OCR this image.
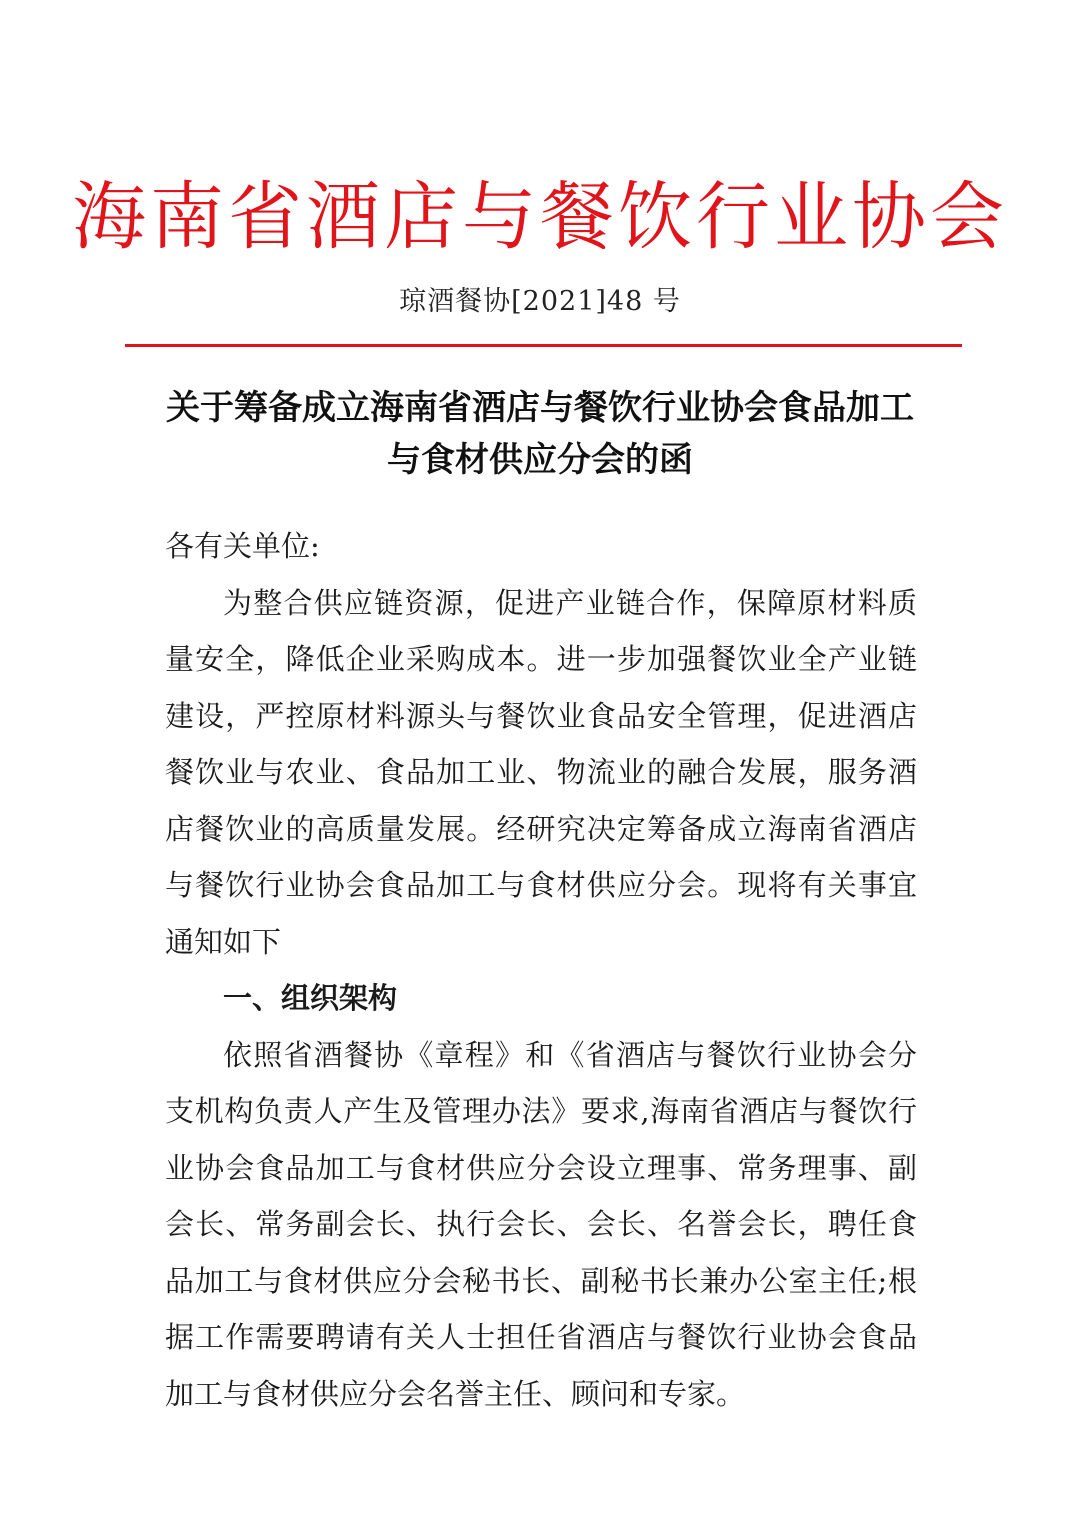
海南省酒店与餐饮行业协会
琼酒餐协[2021]48 号
关于筹备成立海南省酒店与餐饮行业协会食品加工
与食材供应分会的函

各有关单位:

为整合供应链资源，促进产业链合作，保障原材料质量安全，降低企业采购成本。进一步加强餐饮业全产业链建设，严控原材料源头与餐饮业食品安全管理，促进酒店餐饮业与农业、食品加工业、物流业的融合发展，服务酒店餐饮业的高质量发展。经研究决定筹备成立海南省酒店与餐饮行业协会食品加工与食材供应分会。现将有关事宜通知如下

一、组织架构

依照省酒餐协《章程》和《省酒店与餐饮行业协会分支机构负责人产生及管理办法》要求,海南省酒店与餐饮行业协会食品加工与食材供应分会设立理事、常务理事、副会长、常务副会长、执行会长、会长、名誉会长，聘任食品加工与食材供应分会秘书长、副秘书长兼办公室主任;根据工作需要聘请有关人士担任省酒店与餐饮行业协会食品加工与食材供应分会名誉主任、顾问和专家。
